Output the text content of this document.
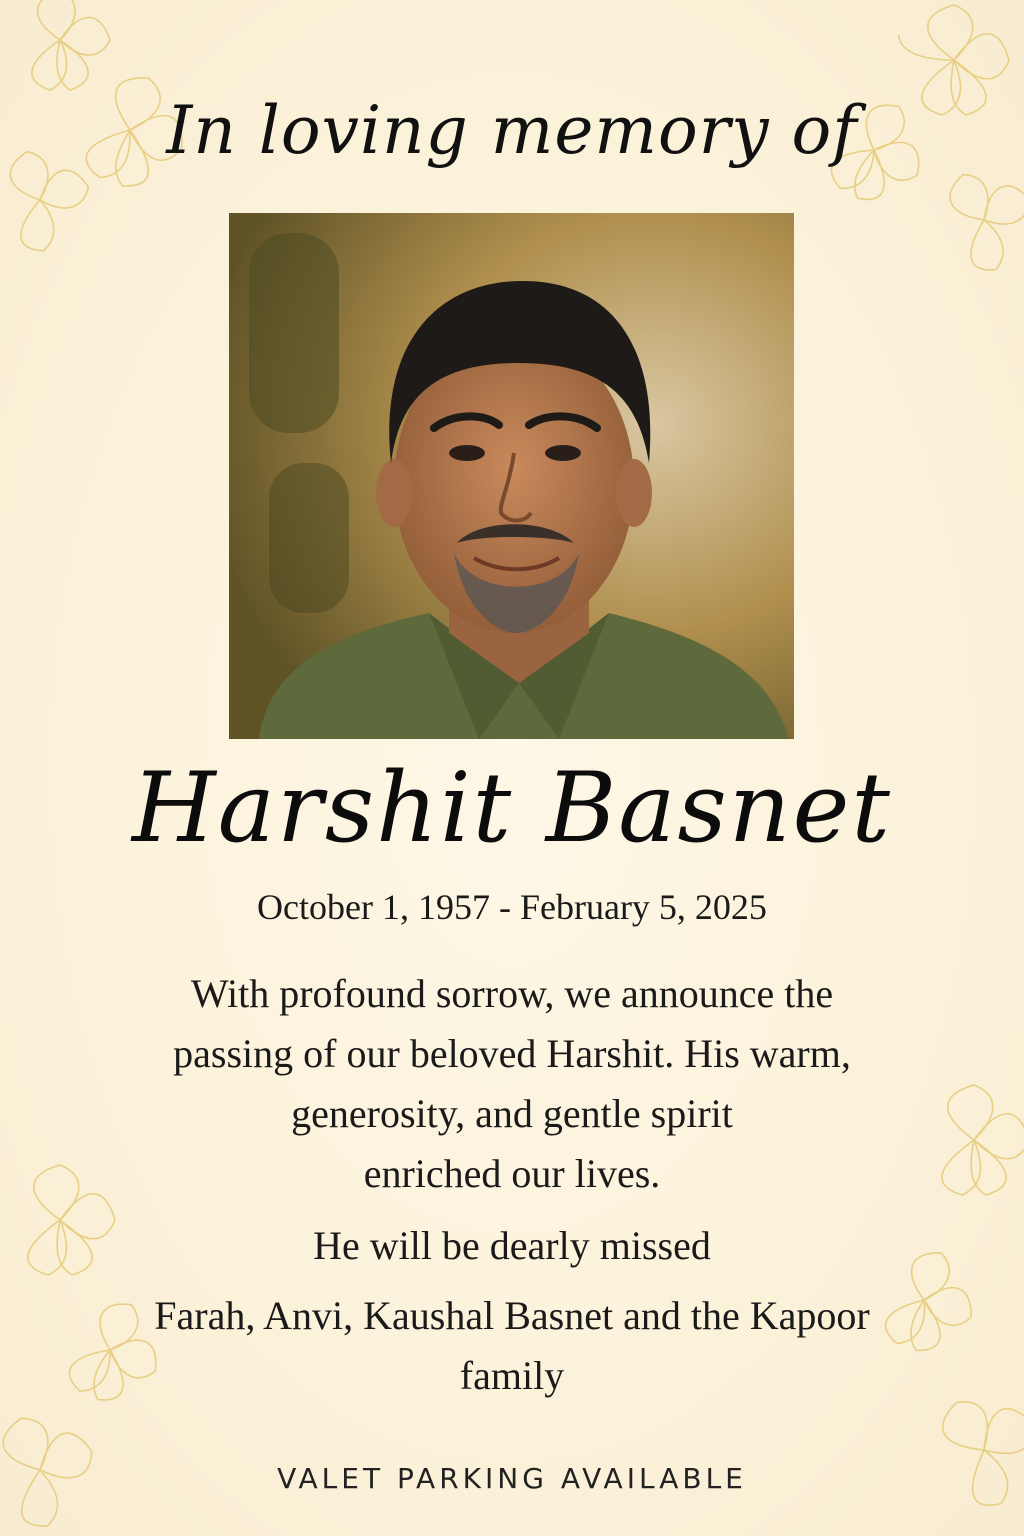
In loving memory of
Harshit Basnet
October 1, 1957 - February 5, 2025
With profound sorrow, we announce the
passing of our beloved Harshit. His warm,
generosity, and gentle spirit
enriched our lives.
He will be dearly missed
Farah, Anvi, Kaushal Basnet and the Kapoor
family
VALET PARKING AVAILABLE
